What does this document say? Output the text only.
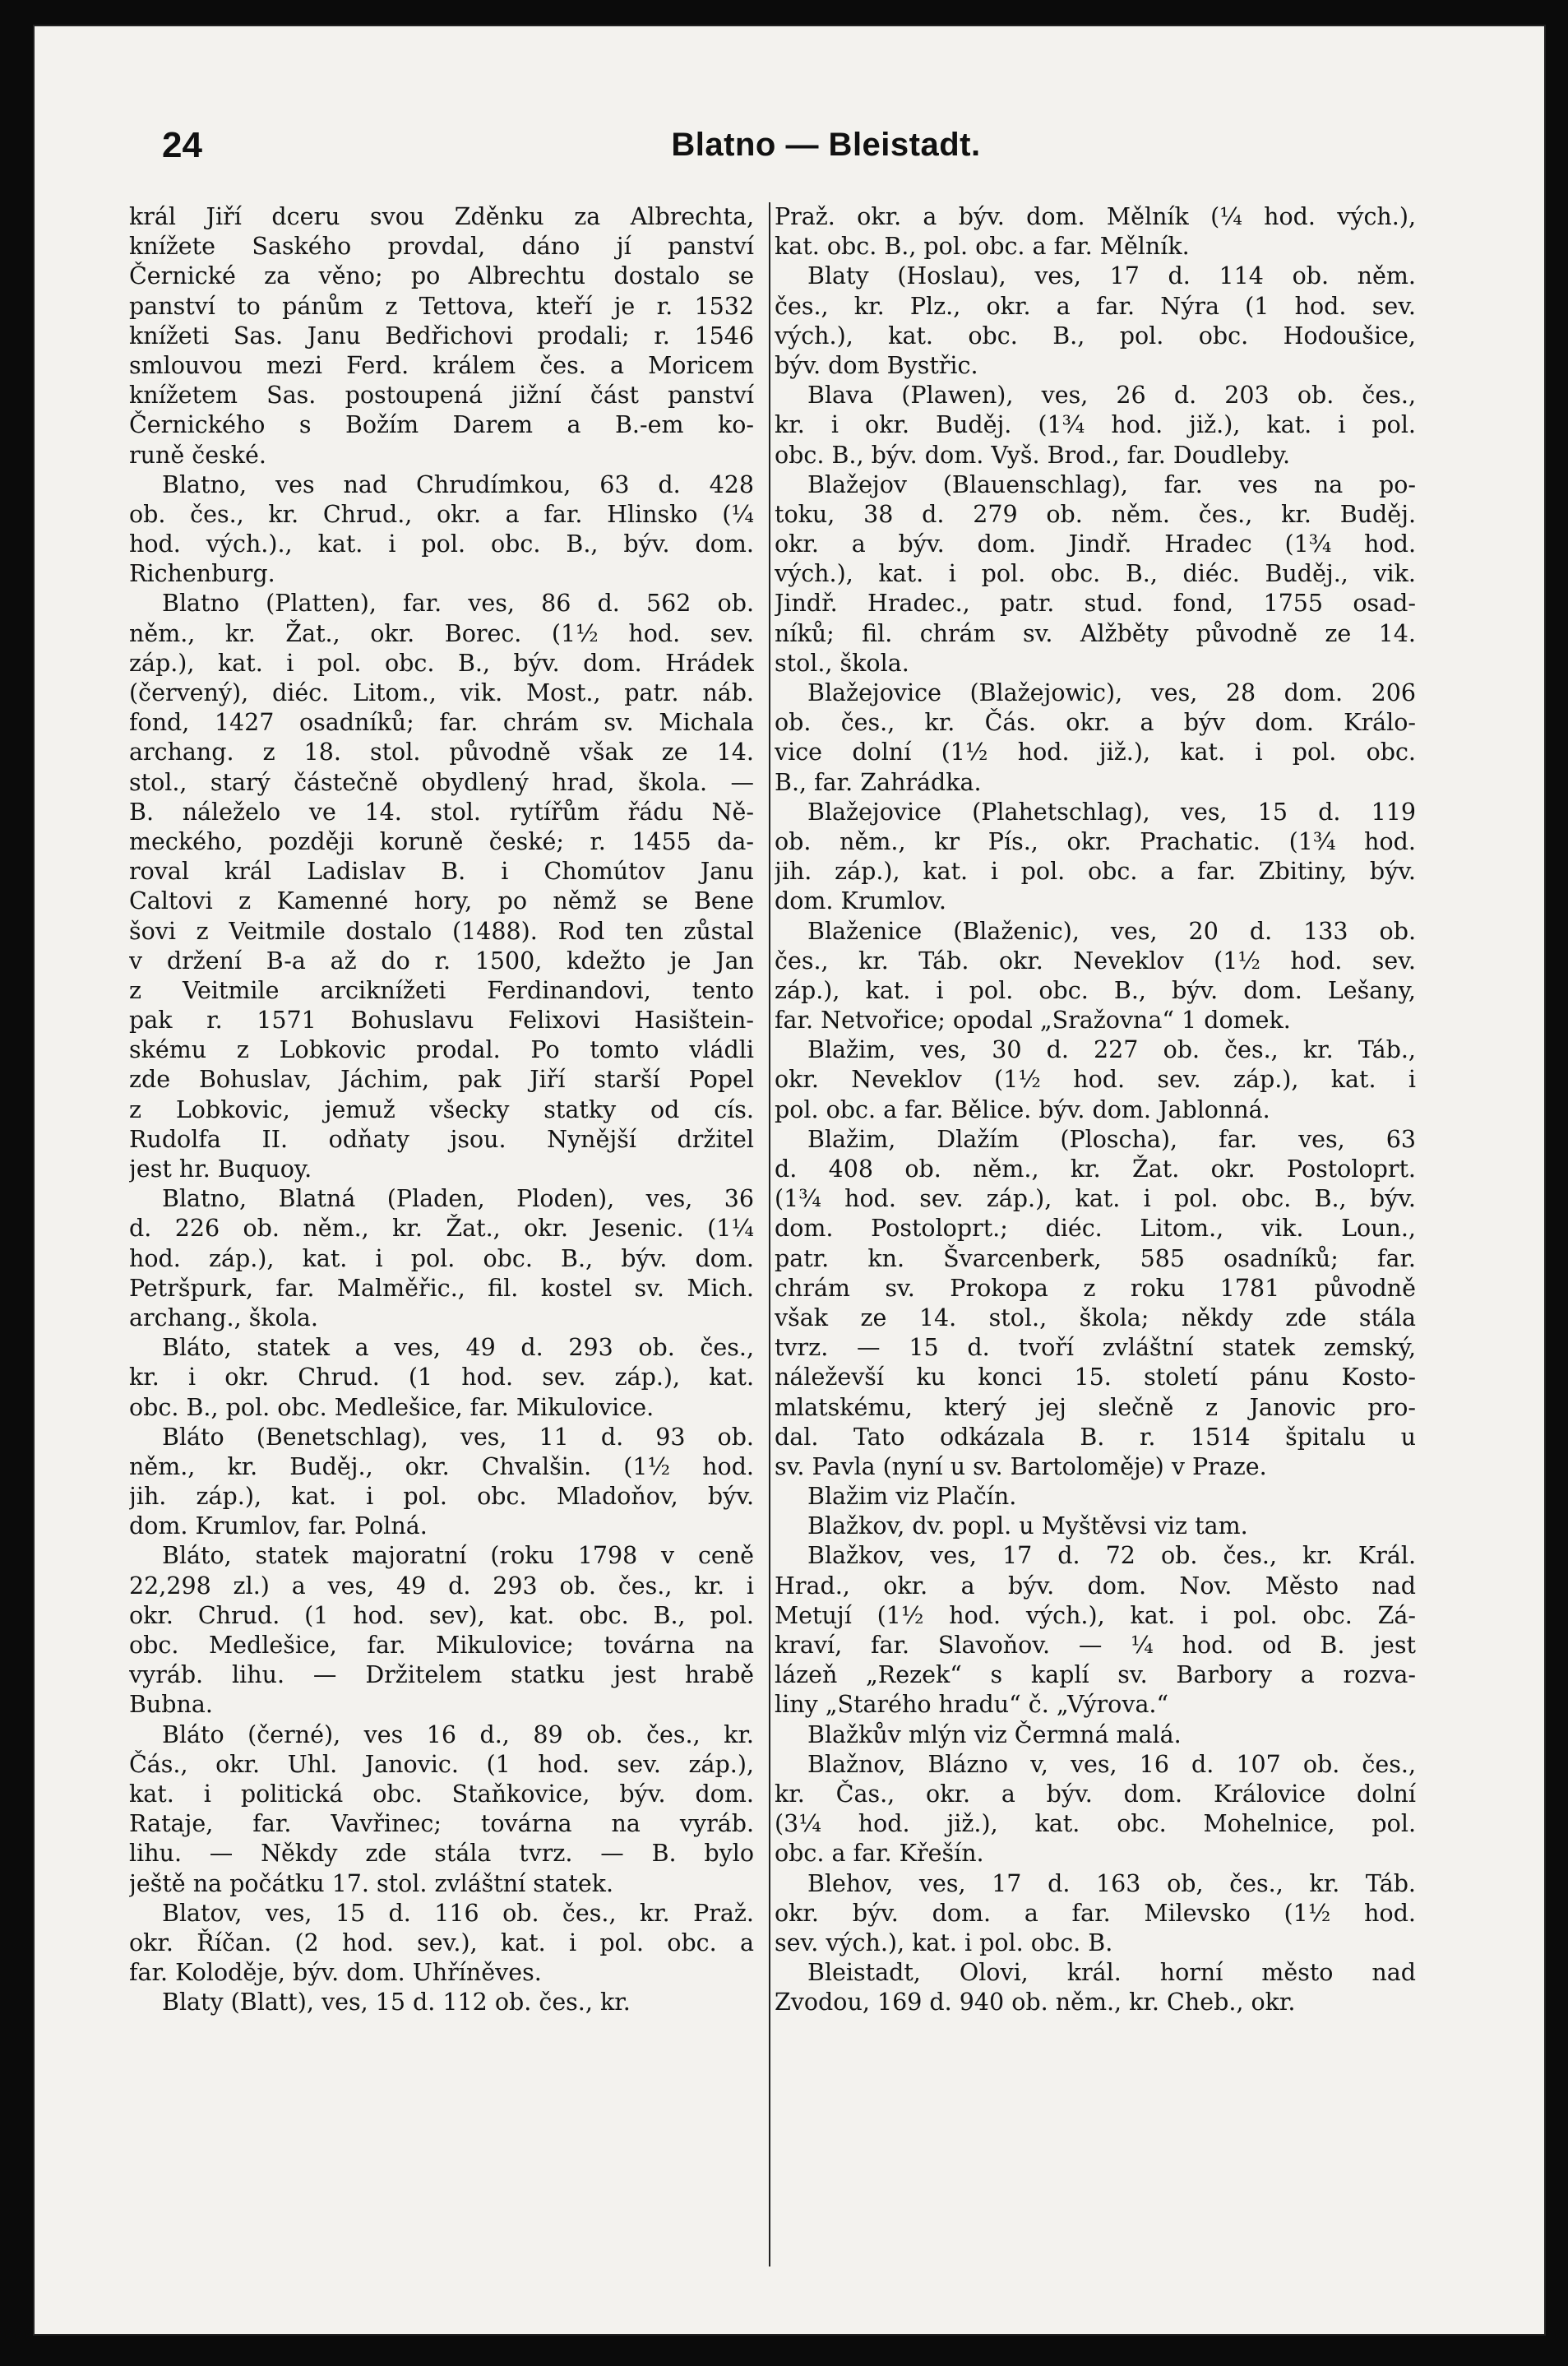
24	Blatno — Bleistadt.
král Jiří dceru svou Zděnku za Albrechta,
knížete Saského provdal, dáno jí panství
Černické za věno; po Albrechtu dostalo se
panství to pánům z Tettova, kteří je r. 1532
knížeti Sas. Janu Bedřichovi prodali; r. 1546
smlouvou mezi Ferd. králem čes. a Moricem
knížetem Sas. postoupená jižní část panství
Černického s Božím Darem a B.-em ko-
runě české.
Blatno, ves nad Chrudímkou, 63 d. 428
ob. čes., kr. Chrud., okr. a far. Hlinsko (¼
hod. vých.)., kat. i pol. obc. B., býv. dom.
Richenburg.
Blatno (Platten), far. ves, 86 d. 562 ob.
něm., kr. Žat., okr. Borec. (1½ hod. sev.
záp.), kat. i pol. obc. B., býv. dom. Hrádek
(červený), diéc. Litom., vik. Most., patr. náb.
fond, 1427 osadníků; far. chrám sv. Michala
archang. z 18. stol. původně však ze 14.
stol., starý částečně obydlený hrad, škola. —
B. náleželo ve 14. stol. rytířům řádu Ně-
meckého, později koruně české; r. 1455 da-
roval král Ladislav B. i Chomútov Janu
Caltovi z Kamenné hory, po němž se Bene
šovi z Veitmile dostalo (1488). Rod ten zůstal
v držení B-a až do r. 1500, kdežto je Jan
z Veitmile arciknížeti Ferdinandovi, tento
pak r. 1571 Bohuslavu Felixovi Hasištein-
skému z Lobkovic prodal. Po tomto vládli
zde Bohuslav, Jáchim, pak Jiří starší Popel
z Lobkovic, jemuž všecky statky od cís.
Rudolfa II. odňaty jsou. Nynější držitel
jest hr. Buquoy.
Blatno, Blatná (Pladen, Ploden), ves, 36
d. 226 ob. něm., kr. Žat., okr. Jesenic. (1¼
hod. záp.), kat. i pol. obc. B., býv. dom.
Petršpurk, far. Malměřic., fil. kostel sv. Mich.
archang., škola.
Bláto, statek a ves, 49 d. 293 ob. čes.,
kr. i okr. Chrud. (1 hod. sev. záp.), kat.
obc. B., pol. obc. Medlešice, far. Mikulovice.
Bláto (Benetschlag), ves, 11 d. 93 ob.
něm., kr. Buděj., okr. Chvalšin. (1½ hod.
jih. záp.), kat. i pol. obc. Mladoňov, býv.
dom. Krumlov, far. Polná.
Bláto, statek majoratní (roku 1798 v ceně
22,298 zl.) a ves, 49 d. 293 ob. čes., kr. i
okr. Chrud. (1 hod. sev), kat. obc. B., pol.
obc. Medlešice, far. Mikulovice; továrna na
vyráb. lihu. — Držitelem statku jest hrabě
Bubna.
Bláto (černé), ves 16 d., 89 ob. čes., kr.
Čás., okr. Uhl. Janovic. (1 hod. sev. záp.),
kat. i politická obc. Staňkovice, býv. dom.
Rataje, far. Vavřinec; továrna na vyráb.
lihu. — Někdy zde stála tvrz. — B. bylo
ještě na počátku 17. stol. zvláštní statek.
Blatov, ves, 15 d. 116 ob. čes., kr. Praž.
okr. Říčan. (2 hod. sev.), kat. i pol. obc. a
far. Koloděje, býv. dom. Uhříněves.
Blaty (Blatt), ves, 15 d. 112 ob. čes., kr.
Praž. okr. a býv. dom. Mělník (¼ hod. vých.),
kat. obc. B., pol. obc. a far. Mělník.
Blaty (Hoslau), ves, 17 d. 114 ob. něm.
čes., kr. Plz., okr. a far. Nýra (1 hod. sev.
vých.), kat. obc. B., pol. obc. Hodoušice,
býv. dom Bystřic.
Blava (Plawen), ves, 26 d. 203 ob. čes.,
kr. i okr. Buděj. (1¾ hod. již.), kat. i pol.
obc. B., býv. dom. Vyš. Brod., far. Doudleby.
Blažejov (Blauenschlag), far. ves na po-
toku, 38 d. 279 ob. něm. čes., kr. Buděj.
okr. a býv. dom. Jindř. Hradec (1¾ hod.
vých.), kat. i pol. obc. B., diéc. Buděj., vik.
Jindř. Hradec., patr. stud. fond, 1755 osad-
níků; fil. chrám sv. Alžběty původně ze 14.
stol., škola.
Blažejovice (Blažejowic), ves, 28 dom. 206
ob. čes., kr. Čás. okr. a býv dom. Králo-
vice dolní (1½ hod. již.), kat. i pol. obc.
B., far. Zahrádka.
Blažejovice (Plahetschlag), ves, 15 d. 119
ob. něm., kr Pís., okr. Prachatic. (1¾ hod.
jih. záp.), kat. i pol. obc. a far. Zbitiny, býv.
dom. Krumlov.
Blaženice (Blaženic), ves, 20 d. 133 ob.
čes., kr. Táb. okr. Neveklov (1½ hod. sev.
záp.), kat. i pol. obc. B., býv. dom. Lešany,
far. Netvořice; opodal „Sražovna“ 1 domek.
Blažim, ves, 30 d. 227 ob. čes., kr. Táb.,
okr. Neveklov (1½ hod. sev. záp.), kat. i
pol. obc. a far. Bělice. býv. dom. Jablonná.
Blažim, Dlažím (Ploscha), far. ves, 63
d. 408 ob. něm., kr. Žat. okr. Postoloprt.
(1¾ hod. sev. záp.), kat. i pol. obc. B., býv.
dom. Postoloprt.; diéc. Litom., vik. Loun.,
patr. kn. Švarcenberk, 585 osadníků; far.
chrám sv. Prokopa z roku 1781 původně
však ze 14. stol., škola; někdy zde stála
tvrz. — 15 d. tvoří zvláštní statek zemský,
náleževší ku konci 15. století pánu Kosto-
mlatskému, který jej slečně z Janovic pro-
dal. Tato odkázala B. r. 1514 špitalu u
sv. Pavla (nyní u sv. Bartoloměje) v Praze.
Blažim viz Plačín.
Blažkov, dv. popl. u Myštěvsi viz tam.
Blažkov, ves, 17 d. 72 ob. čes., kr. Král.
Hrad., okr. a býv. dom. Nov. Město nad
Metují (1½ hod. vých.), kat. i pol. obc. Zá-
kraví, far. Slavoňov. — ¼ hod. od B. jest
lázeň „Rezek“ s kaplí sv. Barbory a rozva-
liny „Starého hradu“ č. „Výrova.“
Blažkův mlýn viz Čermná malá.
Blažnov, Blázno v, ves, 16 d. 107 ob. čes.,
kr. Čas., okr. a býv. dom. Královice dolní
(3¼ hod. již.), kat. obc. Mohelnice, pol.
obc. a far. Křešín.
Blehov, ves, 17 d. 163 ob, čes., kr. Táb.
okr. býv. dom. a far. Milevsko (1½ hod.
sev. vých.), kat. i pol. obc. B.
Bleistadt, Olovi, král. horní město nad
Zvodou, 169 d. 940 ob. něm., kr. Cheb., okr.
